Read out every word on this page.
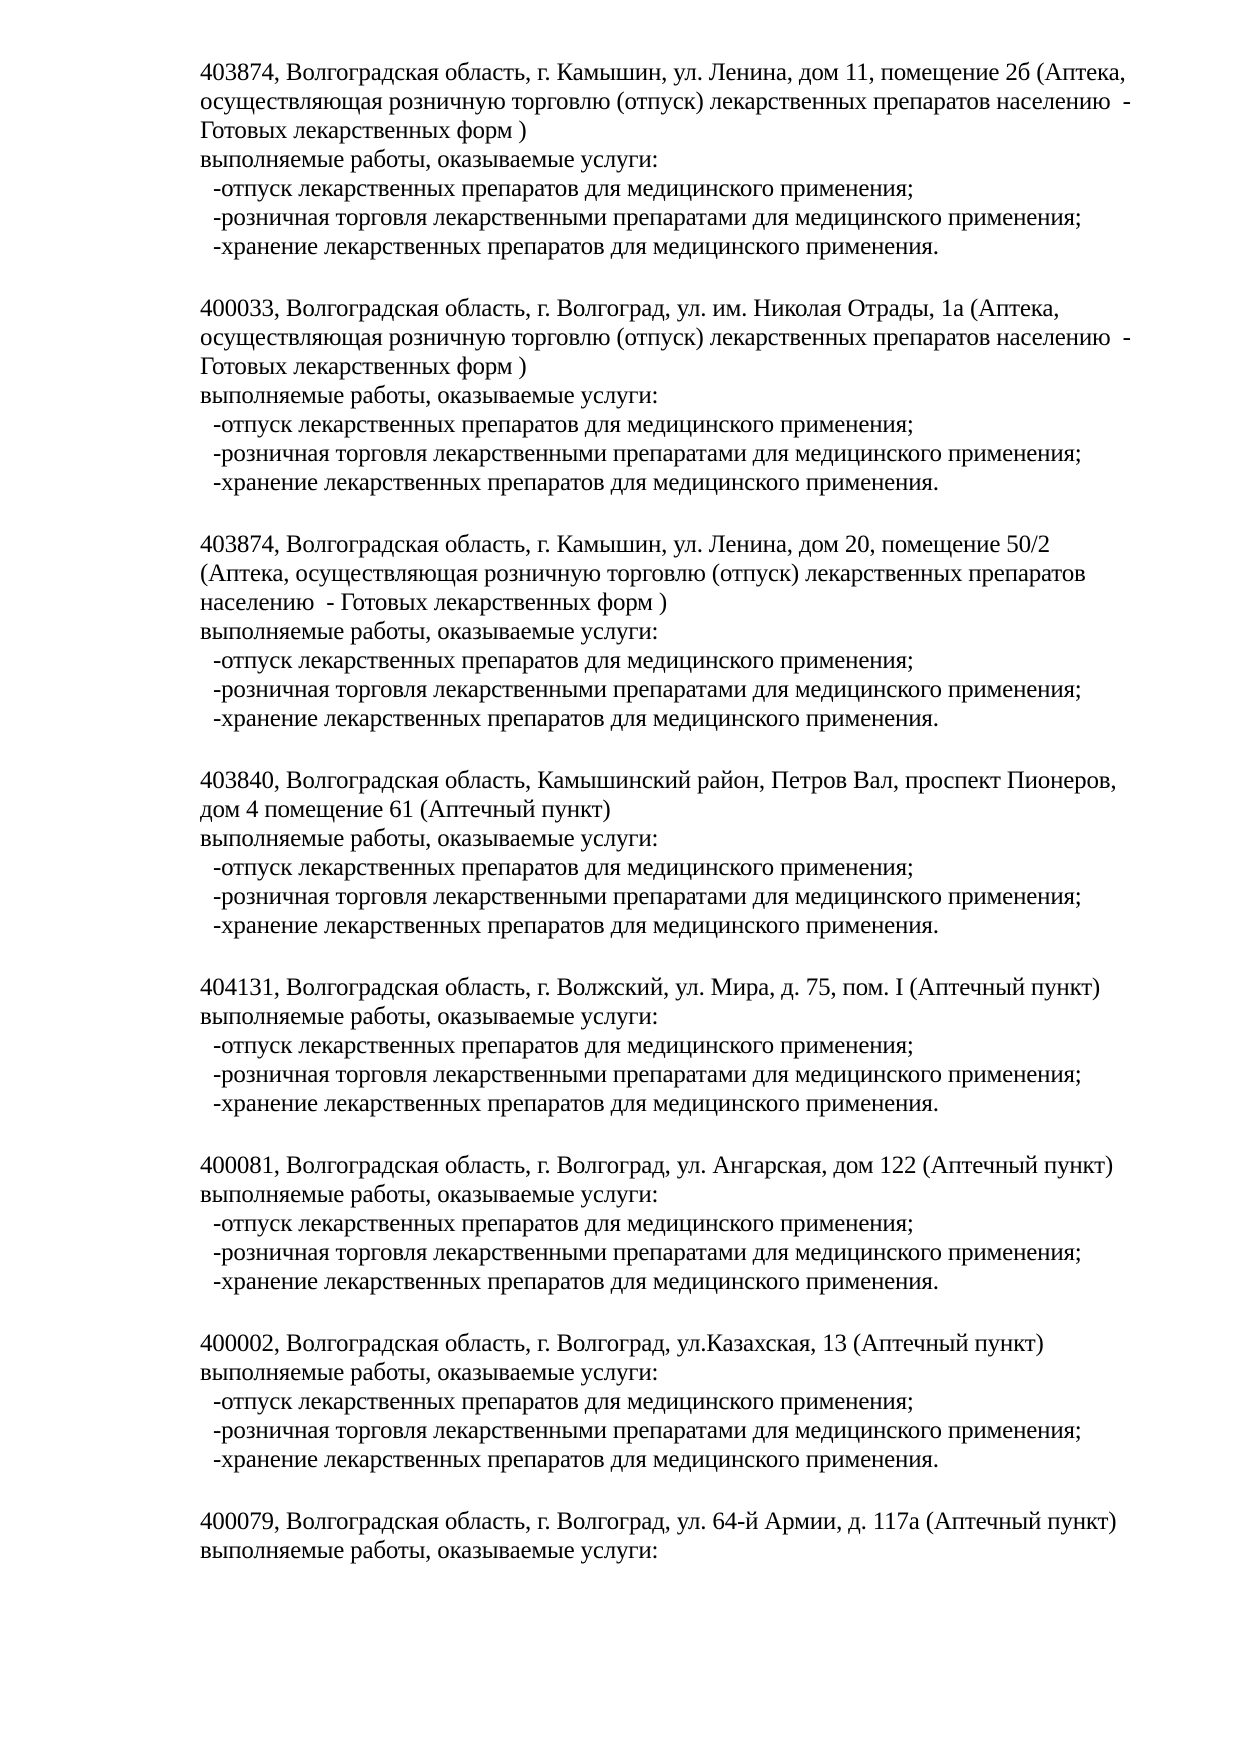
403874, Волгоградская область, г. Камышин, ул. Ленина, дом 11, помещение 2б (Аптека,
осуществляющая розничную торговлю (отпуск) лекарственных препаратов населению  -
Готовых лекарственных форм )
выполняемые работы, оказываемые услуги:
-отпуск лекарственных препаратов для медицинского применения;
-розничная торговля лекарственными препаратами для медицинского применения;
-хранение лекарственных препаратов для медицинского применения.
400033, Волгоградская область, г. Волгоград, ул. им. Николая Отрады, 1а (Аптека,
осуществляющая розничную торговлю (отпуск) лекарственных препаратов населению  -
Готовых лекарственных форм )
выполняемые работы, оказываемые услуги:
-отпуск лекарственных препаратов для медицинского применения;
-розничная торговля лекарственными препаратами для медицинского применения;
-хранение лекарственных препаратов для медицинского применения.
403874, Волгоградская область, г. Камышин, ул. Ленина, дом 20, помещение 50/2
(Аптека, осуществляющая розничную торговлю (отпуск) лекарственных препаратов
населению  - Готовых лекарственных форм )
выполняемые работы, оказываемые услуги:
-отпуск лекарственных препаратов для медицинского применения;
-розничная торговля лекарственными препаратами для медицинского применения;
-хранение лекарственных препаратов для медицинского применения.
403840, Волгоградская область, Камышинский район, Петров Вал, проспект Пионеров,
дом 4 помещение 61 (Аптечный пункт)
выполняемые работы, оказываемые услуги:
-отпуск лекарственных препаратов для медицинского применения;
-розничная торговля лекарственными препаратами для медицинского применения;
-хранение лекарственных препаратов для медицинского применения.
404131, Волгоградская область, г. Волжский, ул. Мира, д. 75, пом. I (Аптечный пункт)
выполняемые работы, оказываемые услуги:
-отпуск лекарственных препаратов для медицинского применения;
-розничная торговля лекарственными препаратами для медицинского применения;
-хранение лекарственных препаратов для медицинского применения.
400081, Волгоградская область, г. Волгоград, ул. Ангарская, дом 122 (Аптечный пункт)
выполняемые работы, оказываемые услуги:
-отпуск лекарственных препаратов для медицинского применения;
-розничная торговля лекарственными препаратами для медицинского применения;
-хранение лекарственных препаратов для медицинского применения.
400002, Волгоградская область, г. Волгоград, ул.Казахская, 13 (Аптечный пункт)
выполняемые работы, оказываемые услуги:
-отпуск лекарственных препаратов для медицинского применения;
-розничная торговля лекарственными препаратами для медицинского применения;
-хранение лекарственных препаратов для медицинского применения.
400079, Волгоградская область, г. Волгоград, ул. 64-й Армии, д. 117а (Аптечный пункт)
выполняемые работы, оказываемые услуги:
